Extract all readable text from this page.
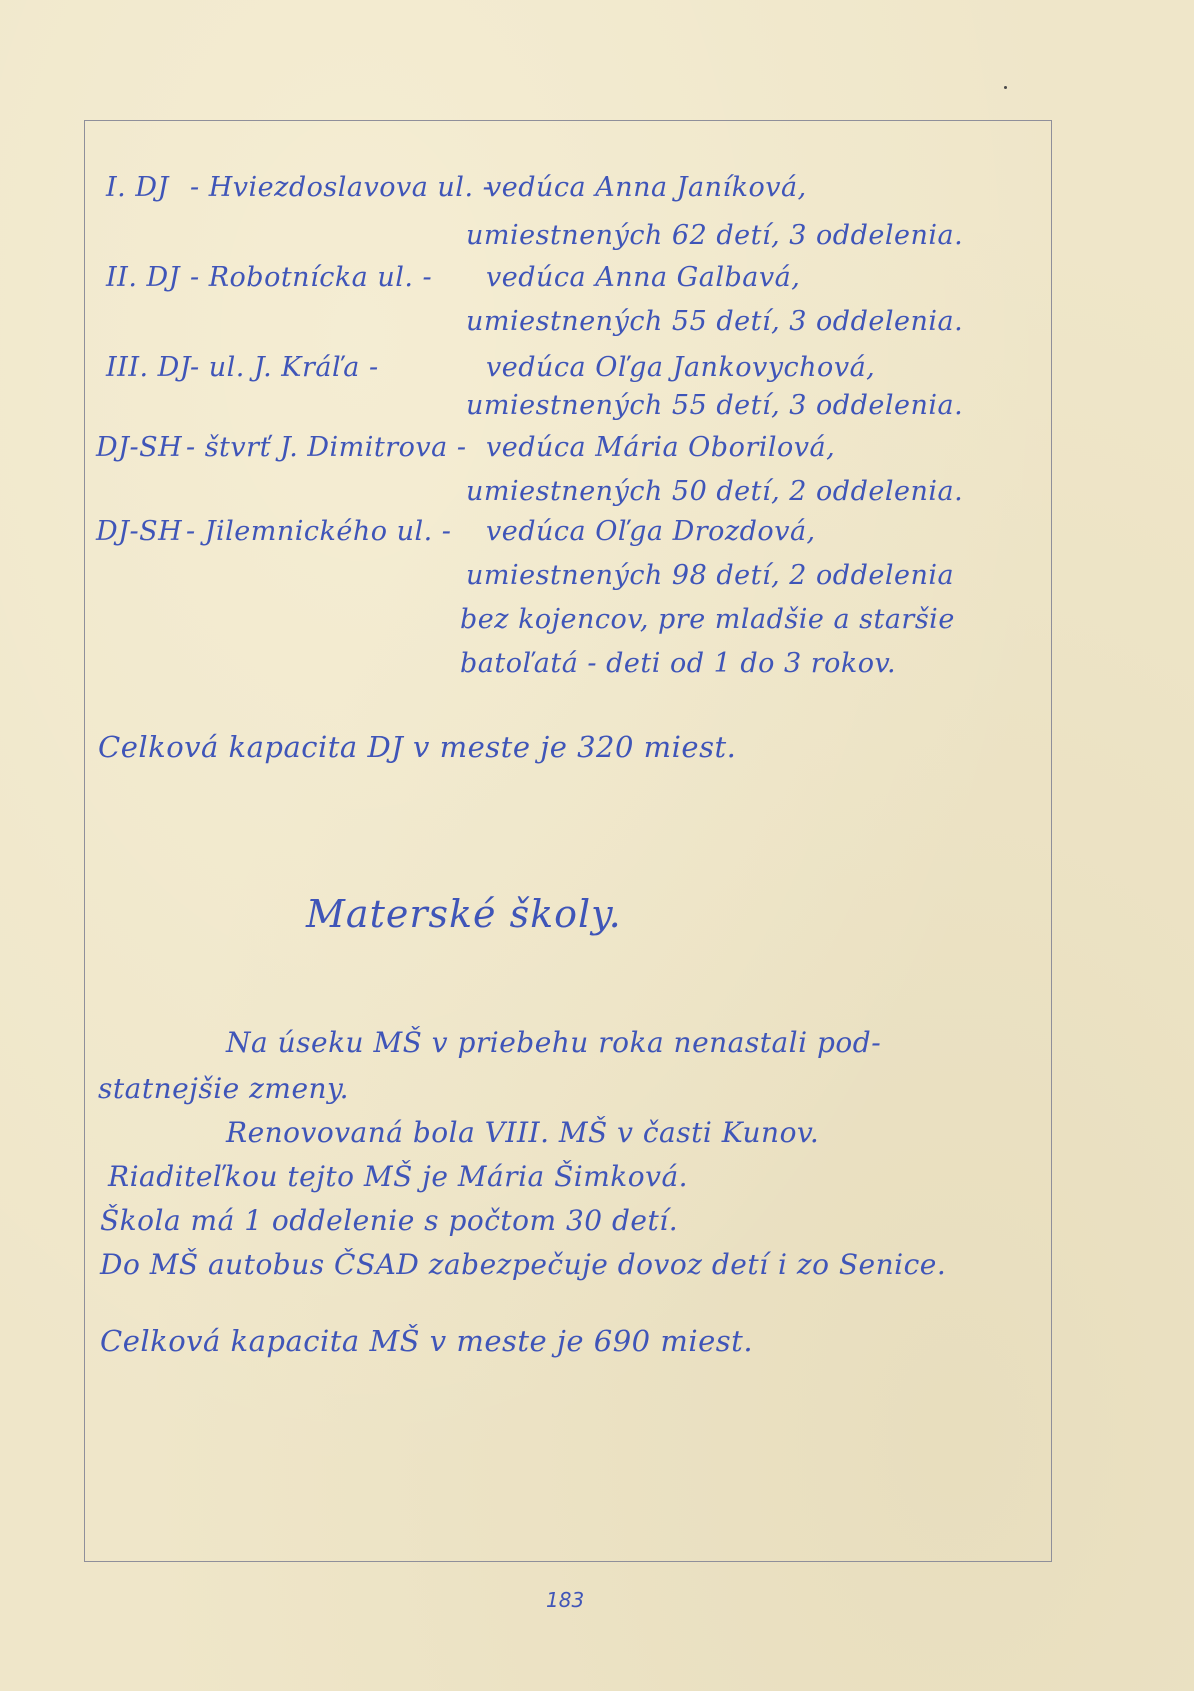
I. DJ - Hviezdoslavova ul. -
vedúca Anna Janíková,
umiestnených 62 detí, 3 oddelenia.
II. DJ - Robotnícka ul. - vedúca Anna Galbavá,
umiestnených 55 detí, 3 oddelenia.
III. DJ
- ul. J. Kráľa -	vedúca Oľga Jankovychová,
umiestnených 55 detí, 3 oddelenia.
DJ-SH - štvrť J. Dimitrova - vedúca Mária Oborilová,
umiestnených 50 detí, 2 oddelenia.
DJ-SH - Jilemnického ul. - vedúca Oľga Drozdová,
umiestnených 98 detí, 2 oddelenia
bez kojencov, pre mladšie a staršie
batoľatá - deti od 1 do 3 rokov.
Celková kapacita DJ v meste je 320 miest.
Materské školy.
Na úseku MŠ v priebehu roka nenastali pod-
statnejšie zmeny.
Renovovaná bola VIII. MŠ v časti Kunov.
Riaditeľkou tejto MŠ je Mária Šimková.
Škola má 1 oddelenie s počtom 30 detí.
Do MŠ autobus ČSAD zabezpečuje dovoz detí i zo Senice.
Celková kapacita MŠ v meste je 690 miest.
183
